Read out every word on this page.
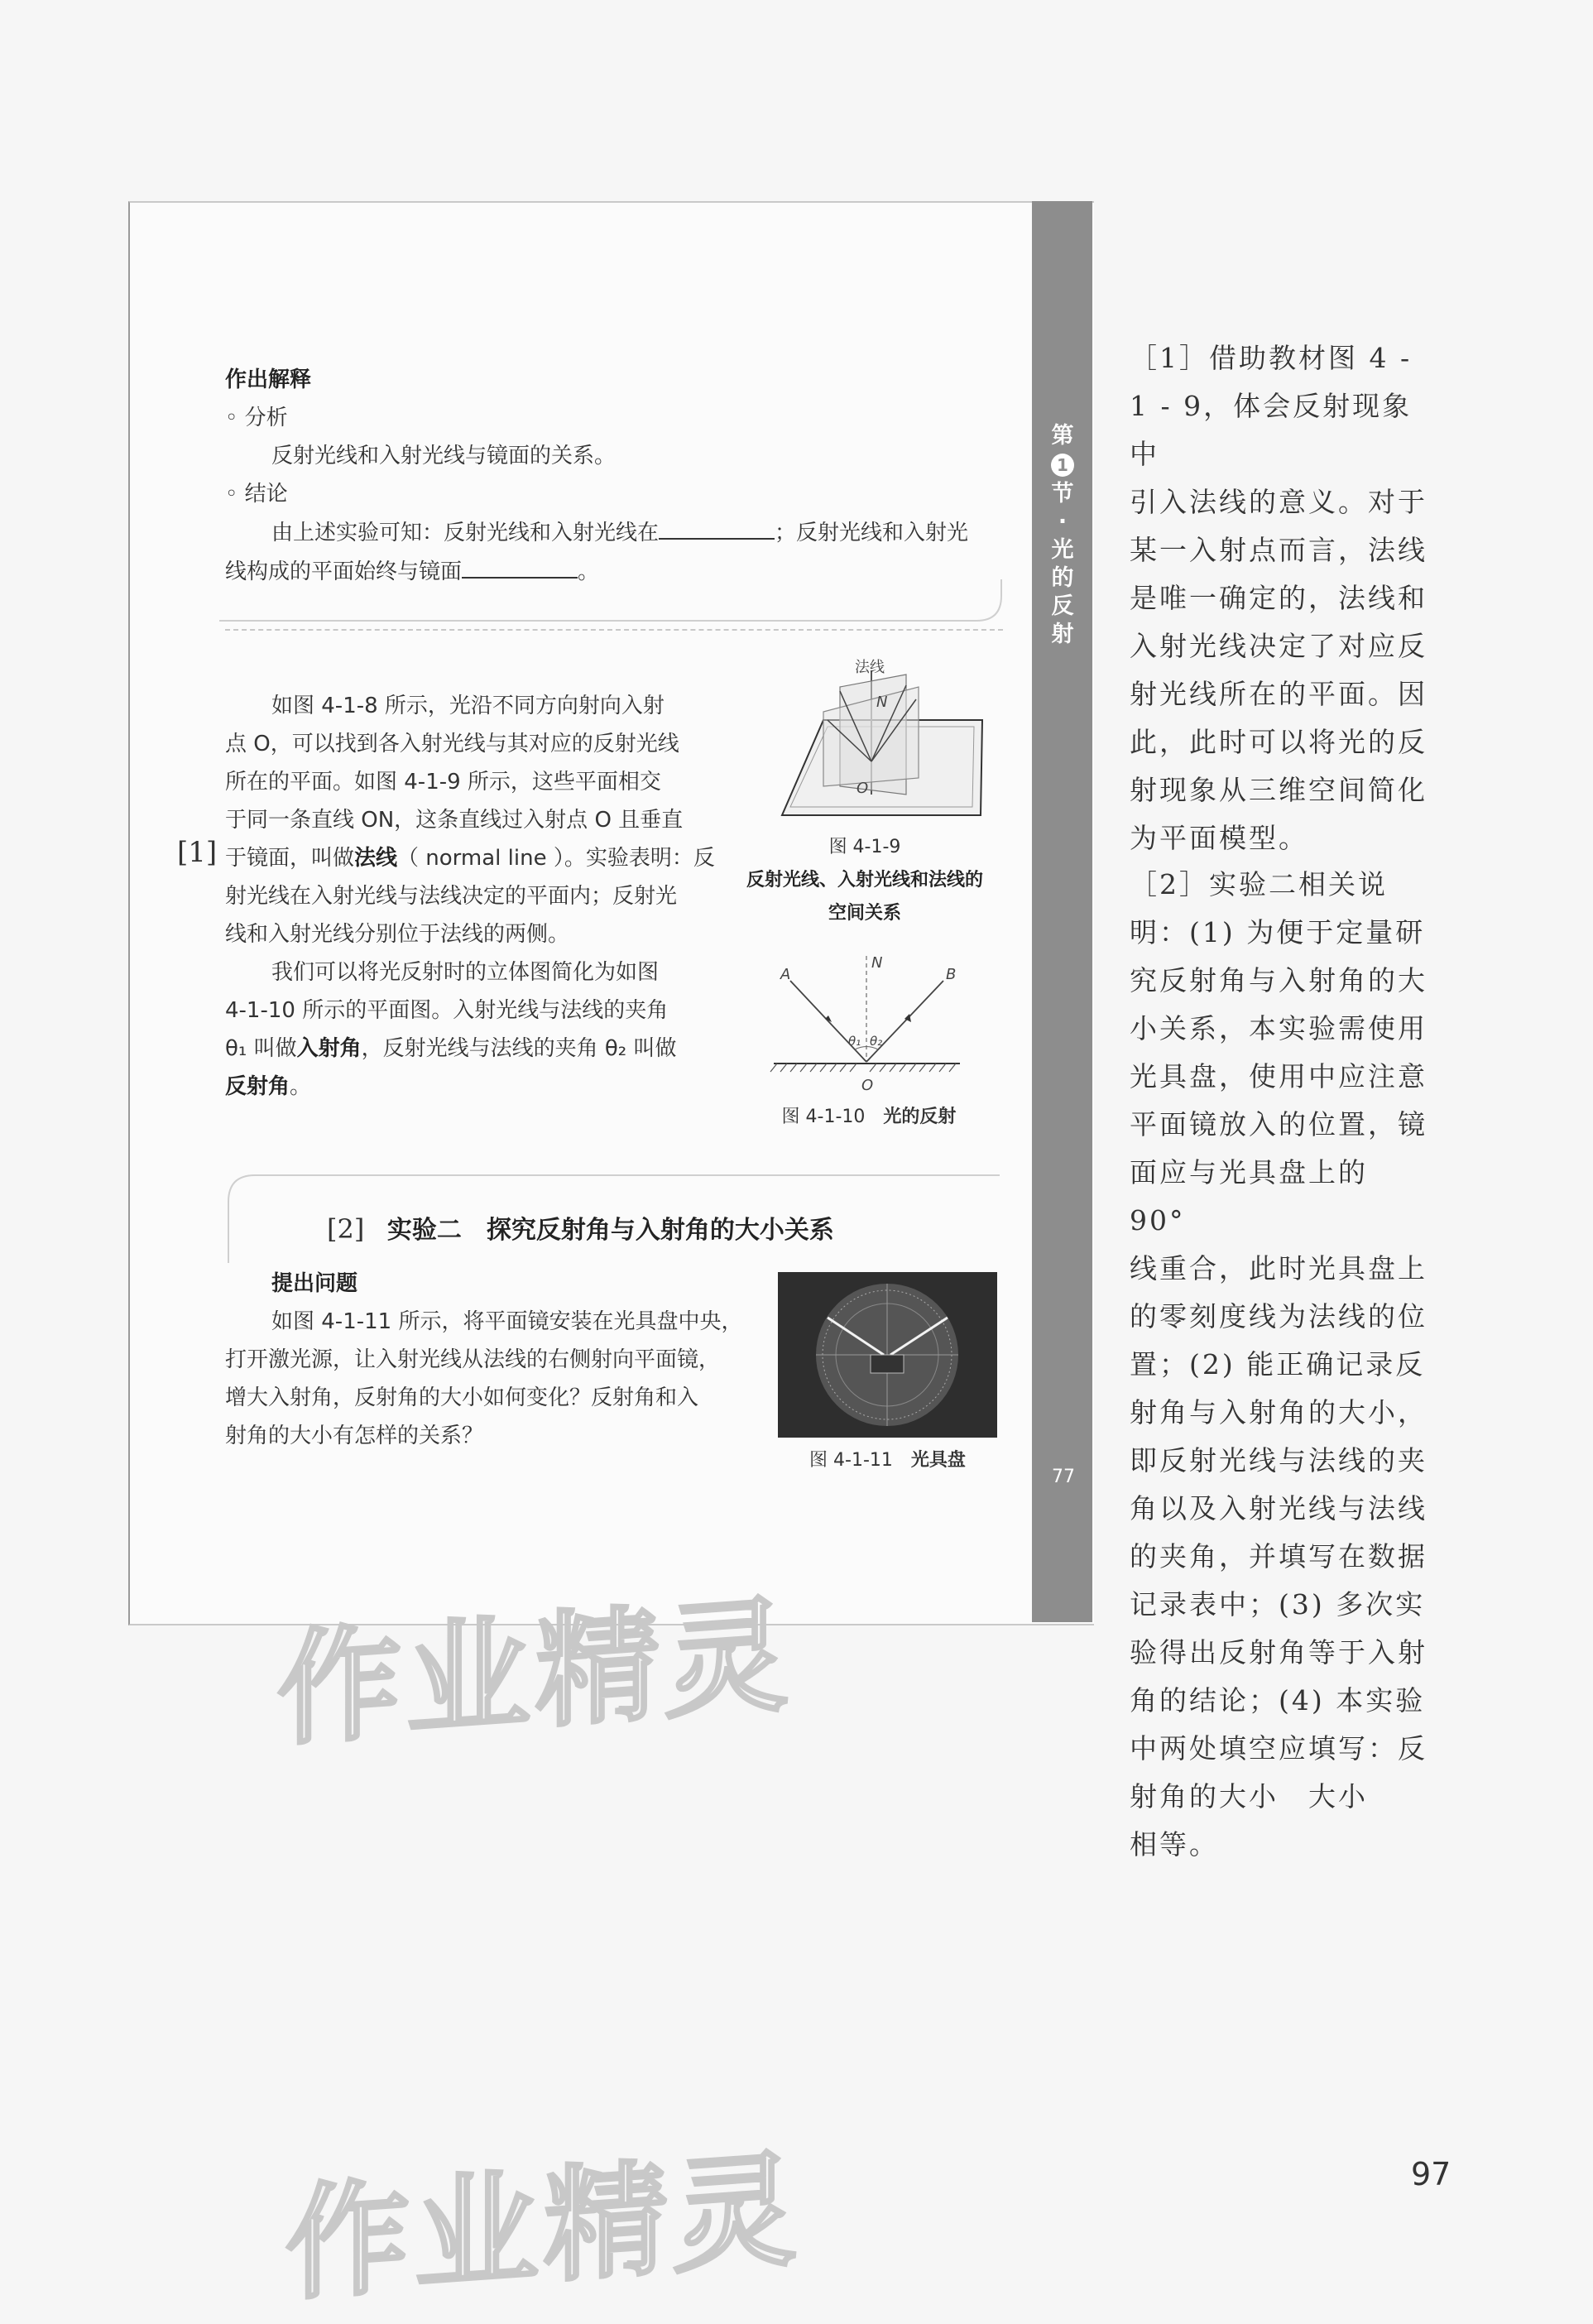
第
1
节·光的反射
77
作出解释
◦ 分析
反射光线和入射光线与镜面的关系。
◦ 结论
由上述实验可知：反射光线和入射光线在	；反射光线和入射光
线构成的平面始终与镜面	。
[1]
如图 4-1-8 所示，光沿不同方向射向入射
点 O，可以找到各入射光线与其对应的反射光线
所在的平面。如图 4-1-9 所示，这些平面相交
于同一条直线 ON，这条直线过入射点 O 且垂直
于镜面，叫做法线（ normal line ）。实验表明：反
射光线在入射光线与法线决定的平面内；反射光
线和入射光线分别位于法线的两侧。
我们可以将光反射时的立体图简化为如图
4-1-10 所示的平面图。入射光线与法线的夹角
θ₁ 叫做入射角，反射光线与法线的夹角 θ₂ 叫做
反射角。
法线
N
O
图 4-1-9
反射光线、入射光线和法线的
空间关系
A	B
N
θ₁ θ₂
O
图 4-1-10　 光的反射
[2] 实验二　探究反射角与入射角的大小关系
提出问题
如图 4-1-11 所示，将平面镜安装在光具盘中央，
打开激光源，让入射光线从法线的右侧射向平面镜，
增大入射角，反射角的大小如何变化？反射角和入
射角的大小有怎样的关系？
图 4-1-11　 光具盘
［1］借助教材图 4 -
1 - 9，体会反射现象中
引入法线的意义。对于
某一入射点而言，法线
是唯一确定的，法线和
入射光线决定了对应反
射光线所在的平面。因
此，此时可以将光的反
射现象从三维空间简化
为平面模型。
［2］实验二相关说
明：(1) 为便于定量研
究反射角与入射角的大
小关系，本实验需使用
光具盘，使用中应注意
平面镜放入的位置，镜
面应与光具盘上的 90°
线重合，此时光具盘上
的零刻度线为法线的位
置；(2) 能正确记录反
射角与入射角的大小，
即反射光线与法线的夹
角以及入射光线与法线
的夹角，并填写在数据
记录表中；(3) 多次实
验得出反射角等于入射
角的结论；(4) 本实验
中两处填空应填写：反
射角的大小　大小
相等。
作业精灵
作业精灵	97
